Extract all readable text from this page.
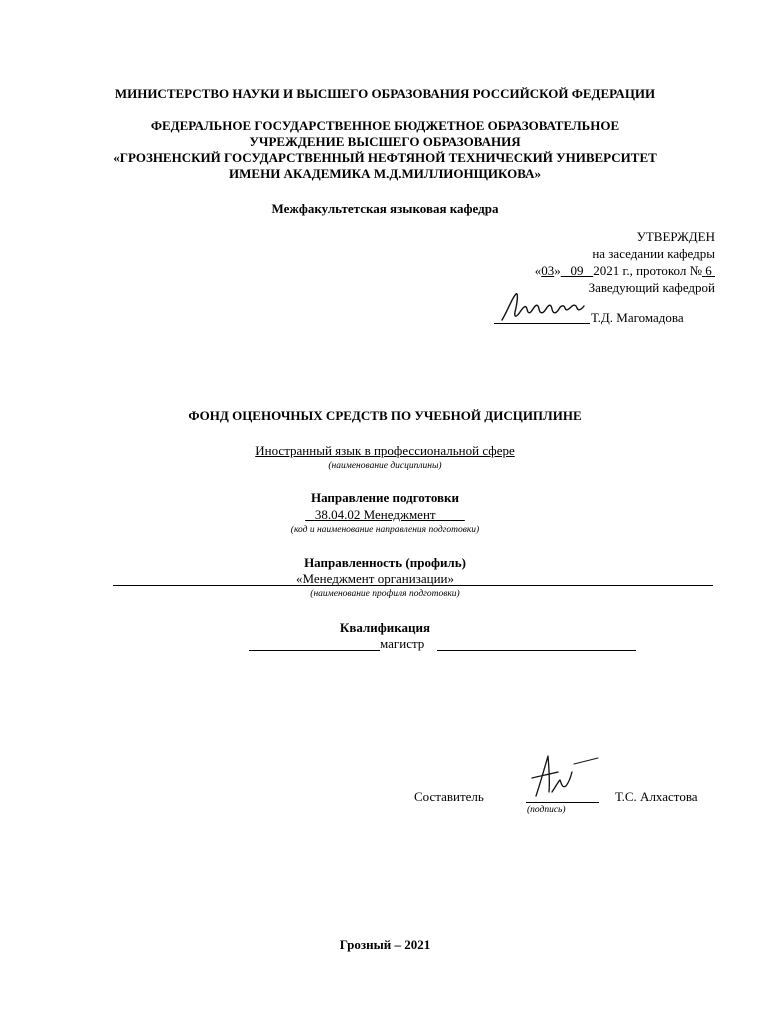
МИНИСТЕРСТВО НАУКИ И ВЫСШЕГО ОБРАЗОВАНИЯ РОССИЙСКОЙ ФЕДЕРАЦИИ
ФЕДЕРАЛЬНОЕ ГОСУДАРСТВЕННОЕ БЮДЖЕТНОЕ ОБРАЗОВАТЕЛЬНОЕ
УЧРЕЖДЕНИЕ ВЫСШЕГО ОБРАЗОВАНИЯ
«ГРОЗНЕНСКИЙ ГОСУДАРСТВЕННЫЙ НЕФТЯНОЙ ТЕХНИЧЕСКИЙ УНИВЕРСИТЕТ
ИМЕНИ АКАДЕМИКА М.Д.МИЛЛИОНЩИКОВА»
Межфакультетская языковая кафедра
УТВЕРЖДЕН
на заседании кафедры
«03» 09 2021 г., протокол № 6
Заведующий кафедрой
Т.Д. Магомадова
ФОНД ОЦЕНОЧНЫХ СРЕДСТВ ПО УЧЕБНОЙ ДИСЦИПЛИНЕ
Иностранный язык в профессиональной сфере
(наименование дисциплины)
Направление подготовки
38.04.02 Менеджмент
(код и наименование направления подготовки)
Направленность (профиль)
«Менеджмент организации»
(наименование профиля подготовки)
Квалификация
магистр
Составитель
(подпись)
Т.С. Алхастова
Грозный – 2021
